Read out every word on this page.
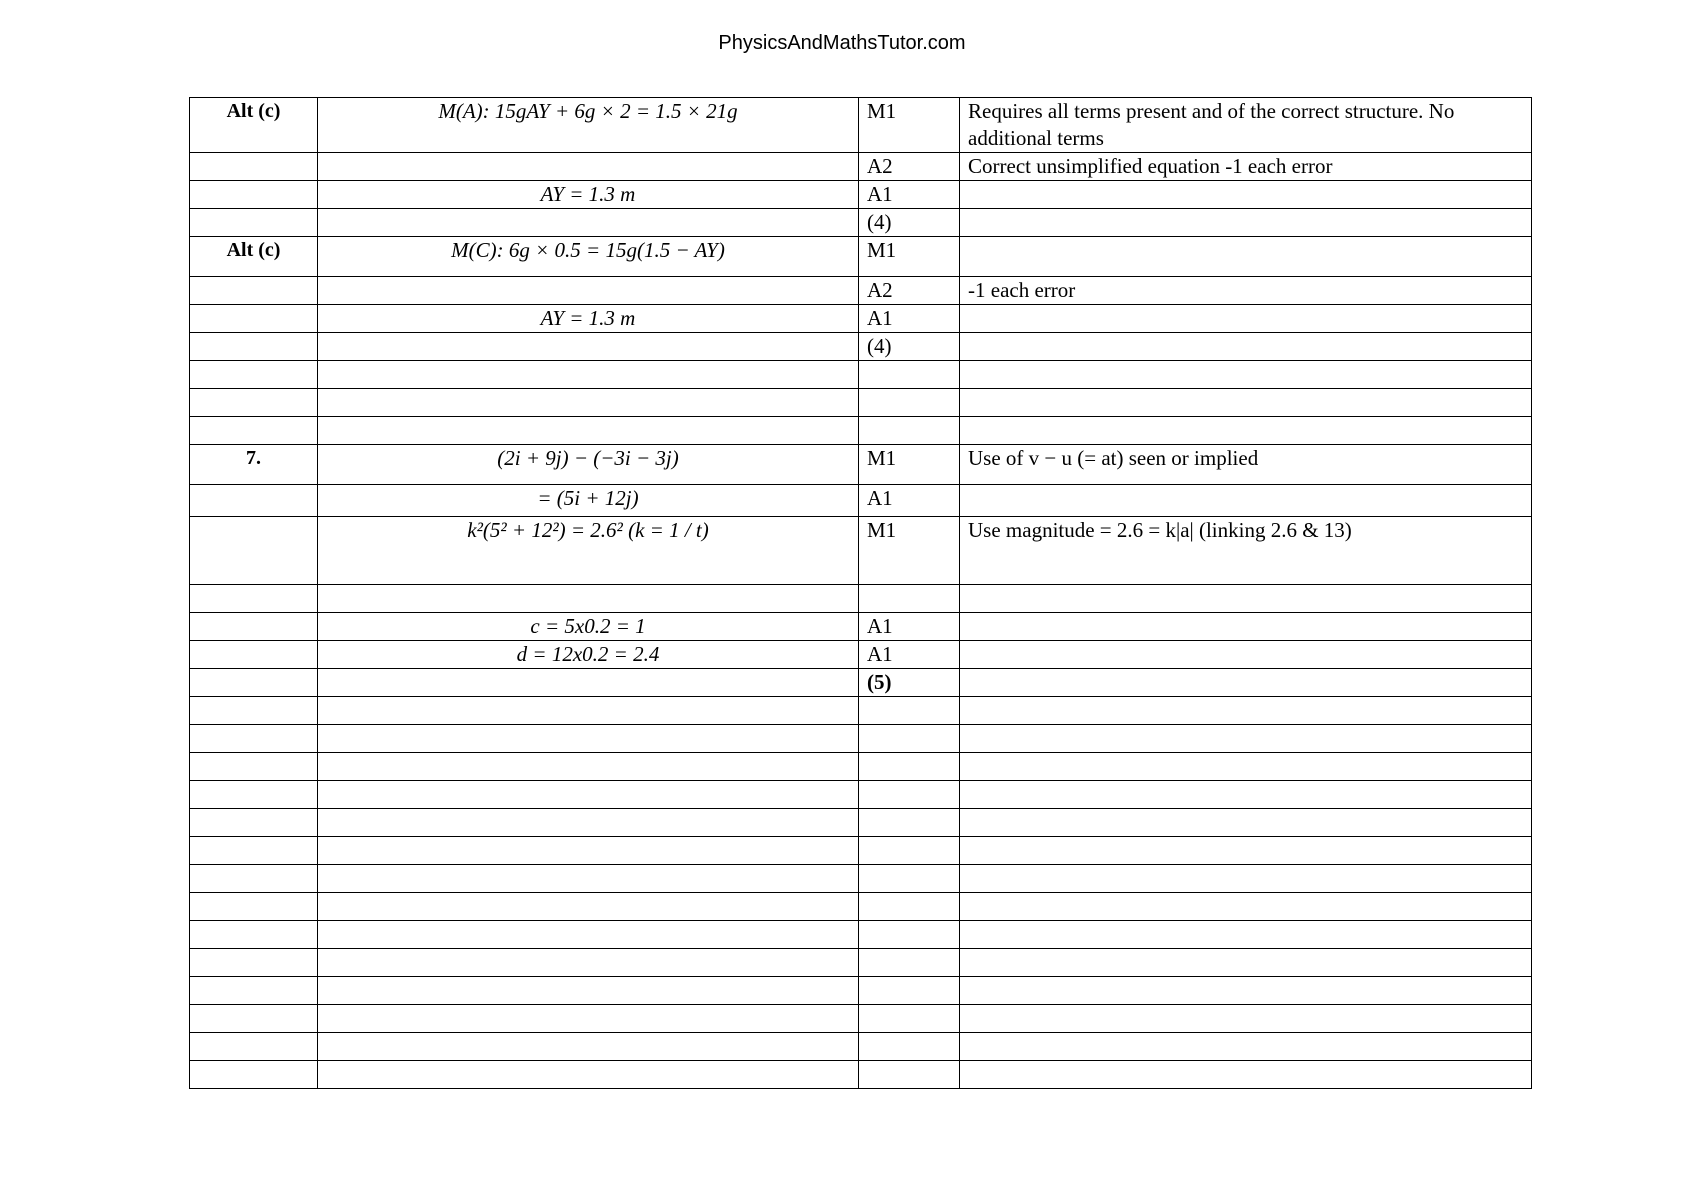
PhysicsAndMathsTutor.com
Alt (c)	M(A): 15gAY + 6g × 2 = 1.5 × 21g	M1	Requires all terms present and of the correct structure. No additional terms
		A2	Correct unsimplified equation -1 each error
	AY = 1.3 m	A1	
		(4)	
Alt (c)	M(C): 6g × 0.5 = 15g(1.5 − AY)	M1	
		A2	-1 each error
	AY = 1.3 m	A1	
		(4)	

7.	(2i + 9j) − (−3i − 3j)	M1	Use of v − u (= at) seen or implied
	= (5i + 12j)	A1	
	k²(5² + 12²) = 2.6² (k = 1 / t)	M1	Use magnitude = 2.6 = k|a| (linking 2.6 & 13)

	c = 5x0.2 = 1	A1	
	d = 12x0.2 = 2.4	A1	
		(5)	
